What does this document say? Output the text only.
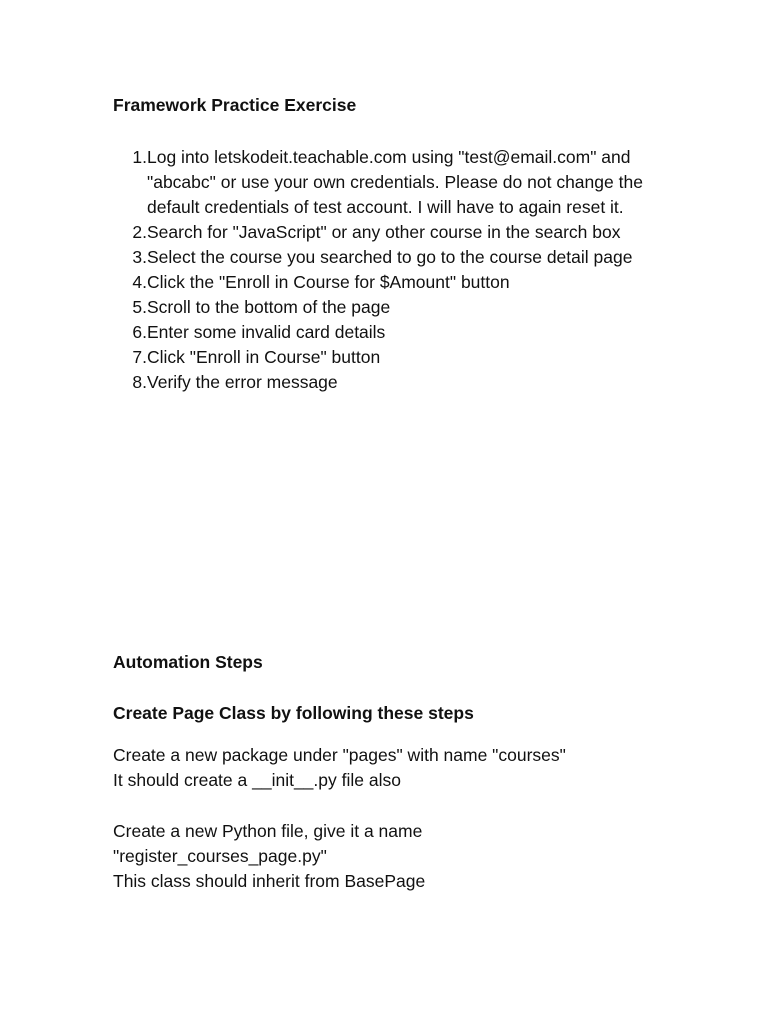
Framework Practice Exercise
1. Log into letskodeit.teachable.com using "test@email.com" and "abcabc" or use your own credentials. Please do not change the default credentials of test account. I will have to again reset it.
2. Search for "JavaScript" or any other course in the search box
3. Select the course you searched to go to the course detail page
4. Click the "Enroll in Course for $Amount" button
5. Scroll to the bottom of the page
6. Enter some invalid card details
7. Click "Enroll in Course" button
8. Verify the error message
Automation Steps
Create Page Class by following these steps

Create a new package under "pages" with name "courses"
It should create a __init__.py file also

Create a new Python file, give it a name
"register_courses_page.py"
This class should inherit from BasePage
